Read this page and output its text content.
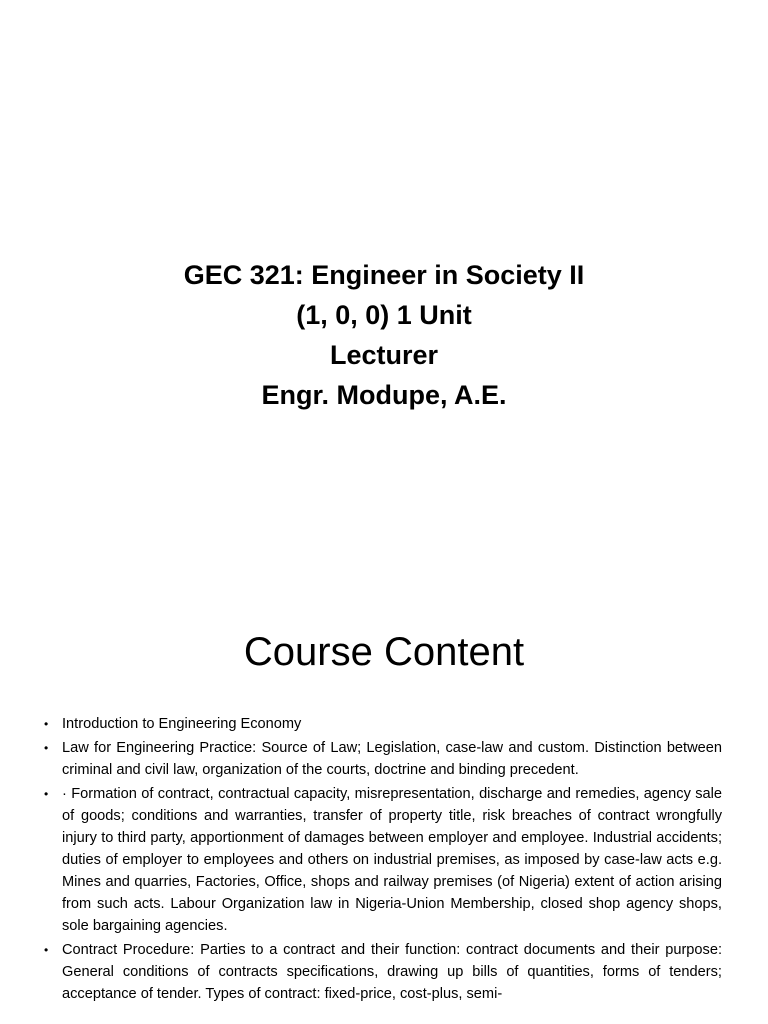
GEC 321: Engineer in Society II
(1, 0, 0) 1 Unit
Lecturer
Engr. Modupe, A.E.
Course Content
• Introduction to Engineering Economy
• Law for Engineering Practice: Source of Law; Legislation, case-law and custom. Distinction between criminal and civil law, organization of the courts, doctrine and binding precedent.
• · Formation of contract, contractual capacity, misrepresentation, discharge and remedies, agency sale of goods; conditions and warranties, transfer of property title, risk breaches of contract wrongfully injury to third party, apportionment of damages between employer and employee. Industrial accidents; duties of employer to employees and others on industrial premises, as imposed by case-law acts e.g. Mines and quarries, Factories, Office, shops and railway premises (of Nigeria) extent of action arising from such acts. Labour Organization law in Nigeria-Union Membership, closed shop agency shops, sole bargaining agencies.
• Contract Procedure: Parties to a contract and their function: contract documents and their purpose: General conditions of contracts specifications, drawing up bills of quantities, forms of tenders; acceptance of tender. Types of contract: fixed-price, cost-plus, semi-
